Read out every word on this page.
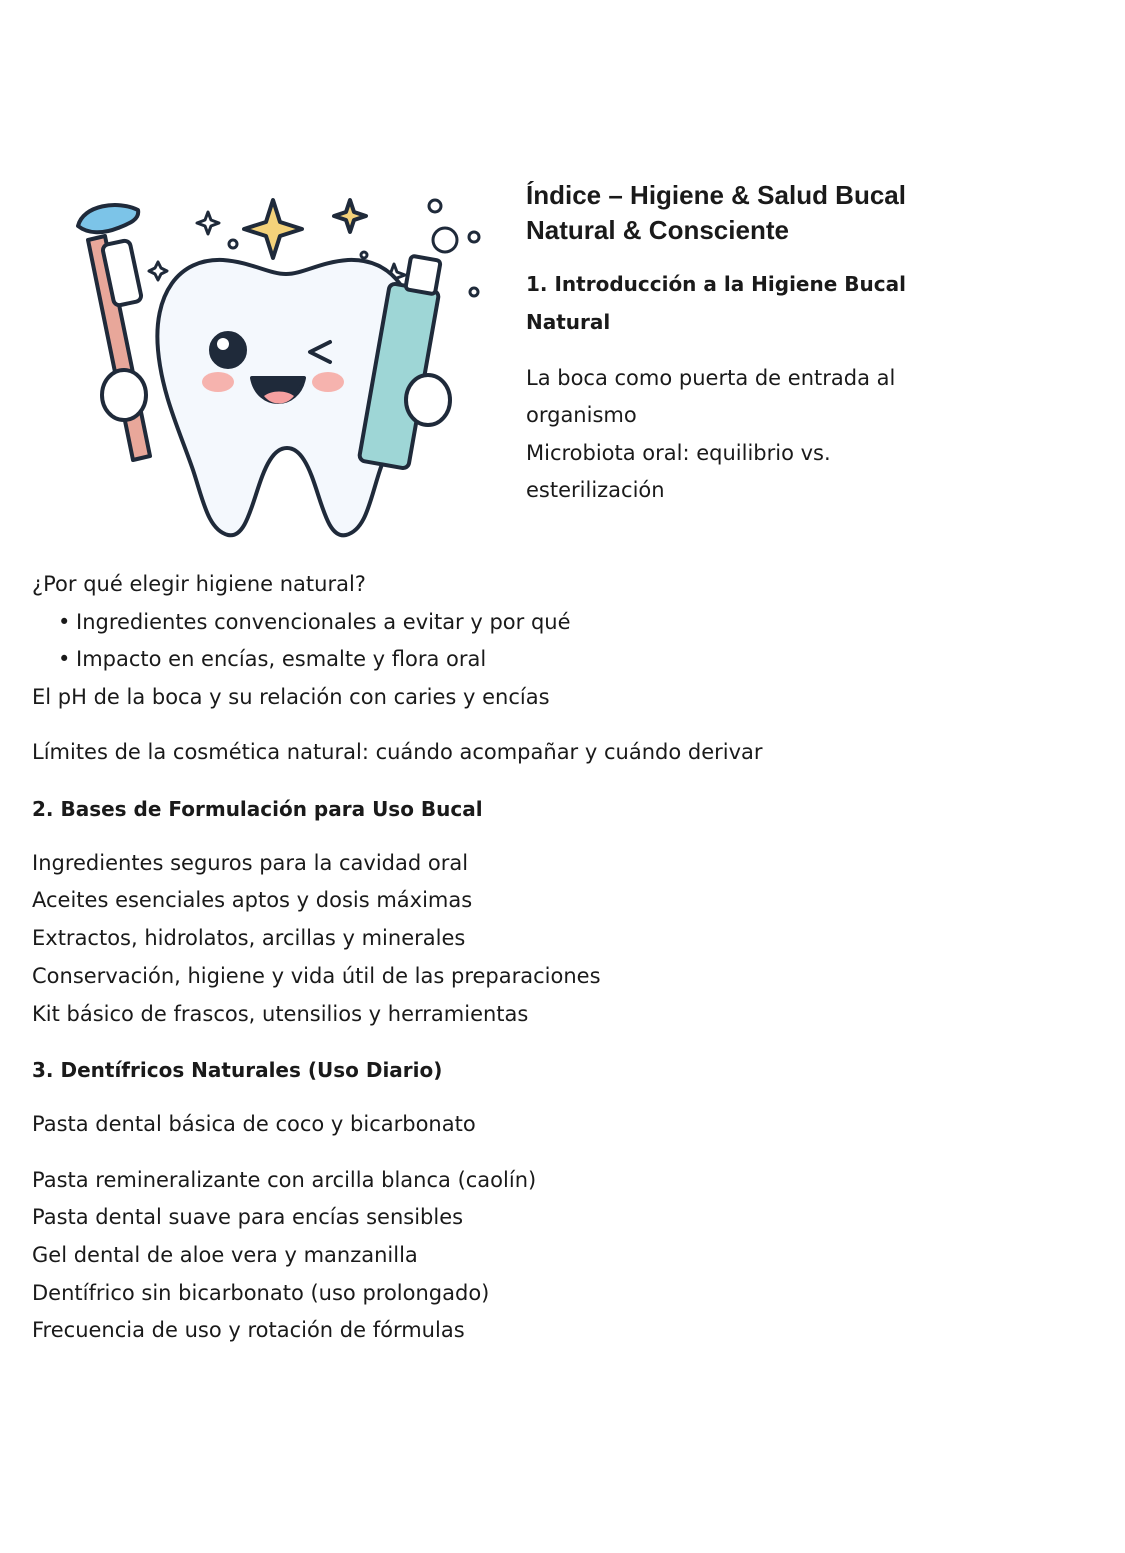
Índice – Higiene & Salud Bucal
Natural & Consciente
1. Introducción a la Higiene Bucal
Natural

La boca como puerta de entrada al

organismo

Microbiota oral: equilibrio vs.

esterilización

¿Por qué elegir higiene natural?

• Ingredientes convencionales a evitar y por qué
• Impacto en encías, esmalte y flora oral

El pH de la boca y su relación con caries y encías

Límites de la cosmética natural: cuándo acompañar y cuándo derivar

2. Bases de Formulación para Uso Bucal

Ingredientes seguros para la cavidad oral

Aceites esenciales aptos y dosis máximas

Extractos, hidrolatos, arcillas y minerales

Conservación, higiene y vida útil de las preparaciones

Kit básico de frascos, utensilios y herramientas

3. Dentífricos Naturales (Uso Diario)

Pasta dental básica de coco y bicarbonato

Pasta remineralizante con arcilla blanca (caolín)

Pasta dental suave para encías sensibles

Gel dental de aloe vera y manzanilla

Dentífrico sin bicarbonato (uso prolongado)

Frecuencia de uso y rotación de fórmulas
